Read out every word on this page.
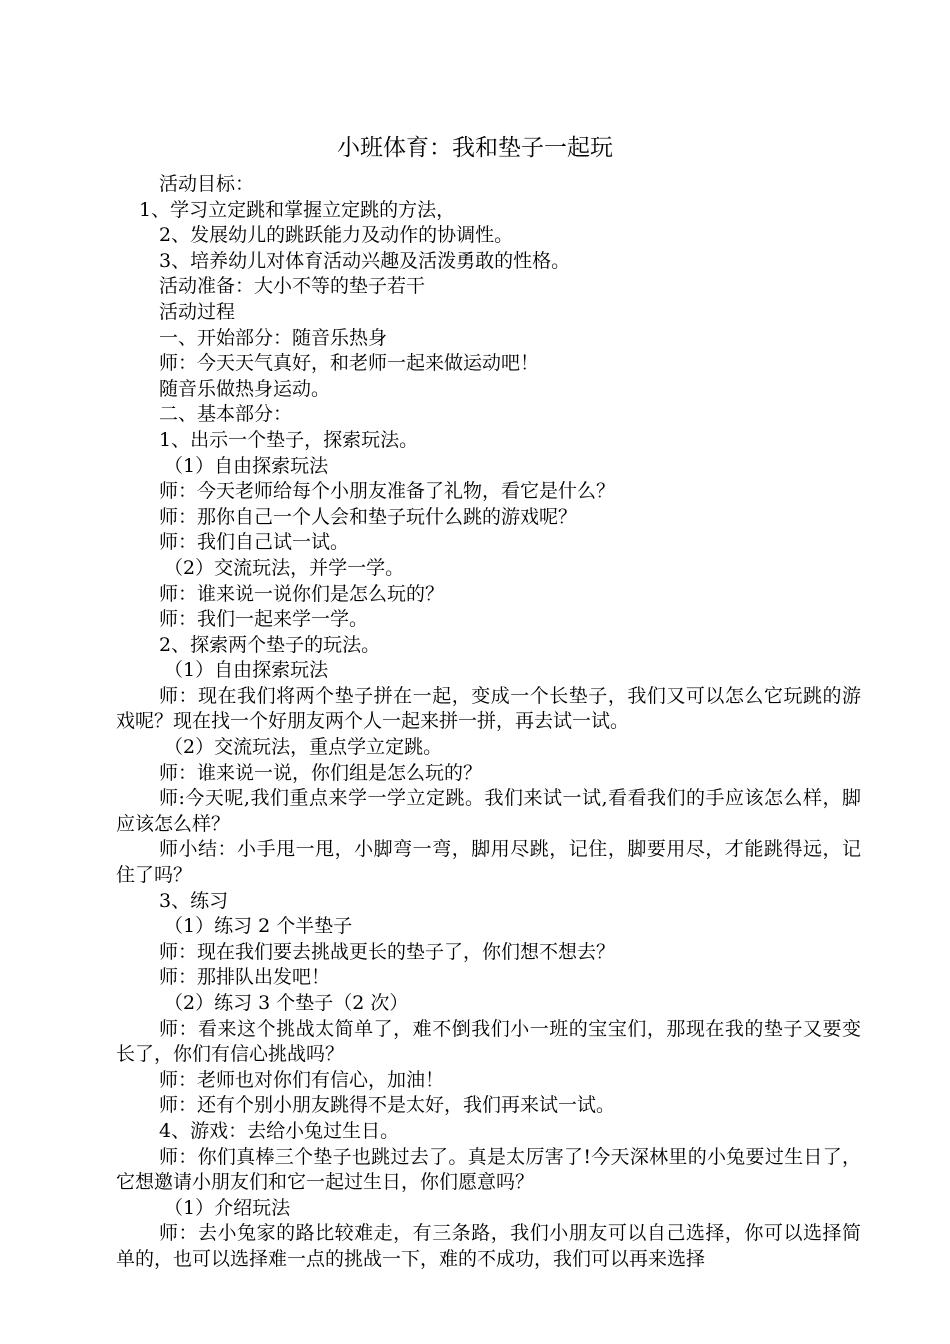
小班体育：我和垫子一起玩
活动目标：
1、学习立定跳和掌握立定跳的方法，
2、发展幼儿的跳跃能力及动作的协调性。
3、培养幼儿对体育活动兴趣及活泼勇敢的性格。
活动准备：大小不等的垫子若干
活动过程
一、开始部分：随音乐热身
师：今天天气真好，和老师一起来做运动吧！
随音乐做热身运动。
二、基本部分：
1、出示一个垫子，探索玩法。
（1）自由探索玩法
师：今天老师给每个小朋友准备了礼物，看它是什么？
师：那你自己一个人会和垫子玩什么跳的游戏呢？
师：我们自己试一试。
（2）交流玩法，并学一学。
师：谁来说一说你们是怎么玩的？
师：我们一起来学一学。
2、探索两个垫子的玩法。
（1）自由探索玩法
师：现在我们将两个垫子拼在一起，变成一个长垫子，我们又可以怎么它玩跳的游戏呢？现在找一个好朋友两个人一起来拼一拼，再去试一试。
（2）交流玩法，重点学立定跳。
师：谁来说一说，你们组是怎么玩的？
师:今天呢,我们重点来学一学立定跳。我们来试一试,看看我们的手应该怎么样，脚应该怎么样？
师小结：小手甩一甩，小脚弯一弯，脚用尽跳，记住，脚要用尽，才能跳得远，记住了吗？
3、练习
（1）练习 2 个半垫子
师：现在我们要去挑战更长的垫子了，你们想不想去？
师：那排队出发吧！
（2）练习 3 个垫子（2 次）
师：看来这个挑战太简单了，难不倒我们小一班的宝宝们，那现在我的垫子又要变长了，你们有信心挑战吗？
师：老师也对你们有信心，加油！
师：还有个别小朋友跳得不是太好，我们再来试一试。
4、游戏：去给小兔过生日。
师：你们真棒三个垫子也跳过去了。真是太厉害了!今天深林里的小兔要过生日了，它想邀请小朋友们和它一起过生日，你们愿意吗？
（1）介绍玩法
师：去小兔家的路比较难走，有三条路，我们小朋友可以自己选择，你可以选择简单的，也可以选择难一点的挑战一下，难的不成功，我们可以再来选择
